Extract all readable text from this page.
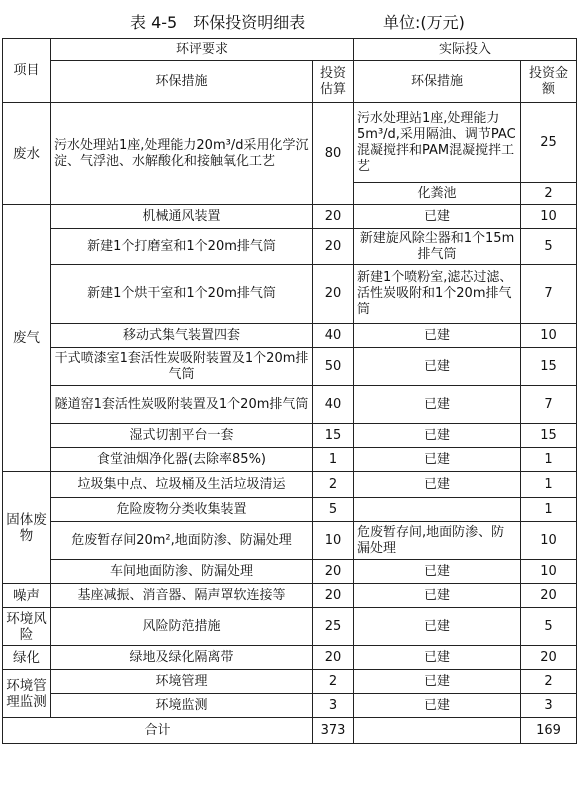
表 4-5　环保投资明细表	单位:(万元)
项目	环评要求		实际投入	
	环保措施	投资估算	环保措施	投资金额
废水	污水处理站1座,处理能力20m³/d采用化学沉淀、气浮池、水解酸化和接触氧化工艺	80	污水处理站1座,处理能力5m³/d,采用隔油、调节PAC混凝搅拌和PAM混凝搅拌工艺	25
			化粪池	2
废气	机械通风装置	20	已建	10
	新建1个打磨室和1个20m排气筒	20	新建旋风除尘器和1个15m排气筒	5
	新建1个烘干室和1个20m排气筒	20	新建1个喷粉室,滤芯过滤、活性炭吸附和1个20m排气筒	7
	移动式集气装置四套	40	已建	10
	干式喷漆室1套活性炭吸附装置及1个20m排气筒	50	已建	15
	隧道窑1套活性炭吸附装置及1个20m排气筒	40	已建	7
	湿式切割平台一套	15	已建	15
	食堂油烟净化器(去除率85%)	1	已建	1
固体废物	垃圾集中点、垃圾桶及生活垃圾清运	2	已建	1
	危险废物分类收集装置	5		1
	危废暂存间20m²,地面防渗、防漏处理	10	危废暂存间,地面防渗、防漏处理	10
	车间地面防渗、防漏处理	20	已建	10
噪声	基座减振、消音器、隔声罩软连接等	20	已建	20
环境风险	风险防范措施	25	已建	5
绿化	绿地及绿化隔离带	20	已建	20
环境管理监测	环境管理	2	已建	2
	环境监测	3	已建	3
合计		373		169
